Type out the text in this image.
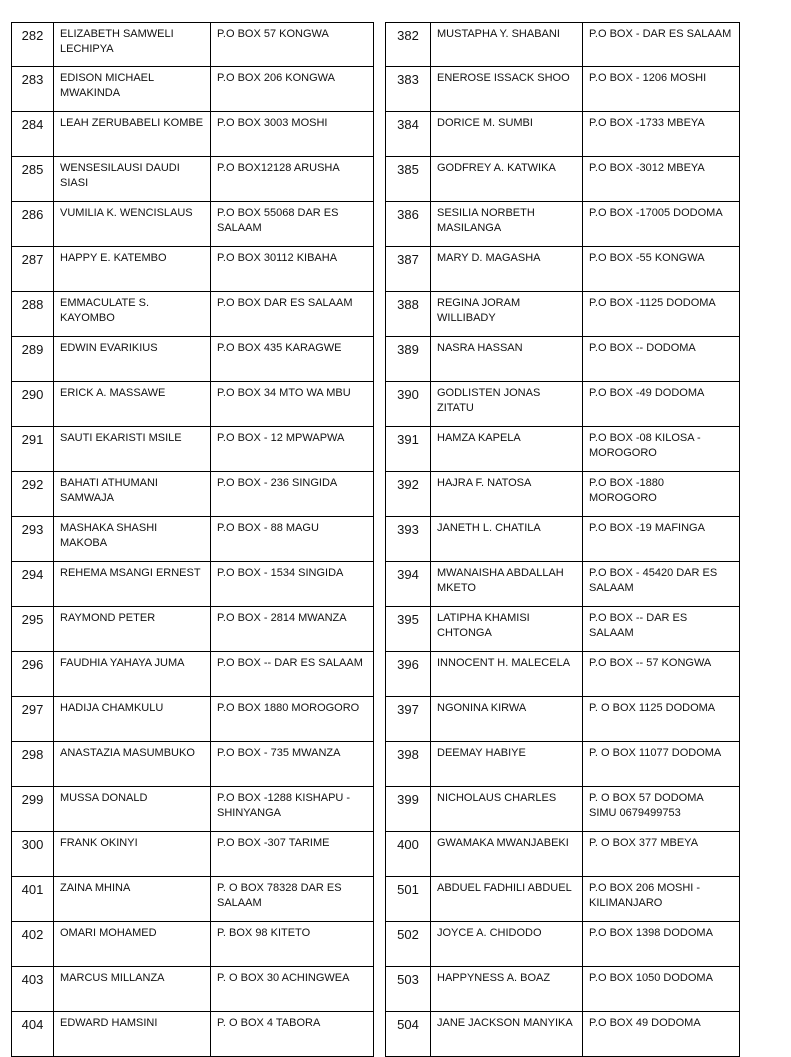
282	ELIZABETH SAMWELI LECHIPYA	P.O BOX 57 KONGWA		382	MUSTAPHA Y. SHABANI	P.O BOX - DAR ES SALAAM
283	EDISON MICHAEL MWAKINDA	P.O BOX 206 KONGWA		383	ENEROSE ISSACK SHOO	P.O BOX - 1206 MOSHI
284	LEAH ZERUBABELI KOMBE	P.O BOX 3003 MOSHI		384	DORICE M. SUMBI	P.O BOX -1733 MBEYA
285	WENSESILAUSI DAUDI SIASI	P.O BOX12128 ARUSHA		385	GODFREY A. KATWIKA	P.O BOX -3012 MBEYA
286	VUMILIA K. WENCISLAUS	P.O BOX 55068 DAR ES SALAAM		386	SESILIA NORBETH MASILANGA	P.O BOX -17005 DODOMA
287	HAPPY E. KATEMBO	P.O BOX 30112 KIBAHA		387	MARY D. MAGASHA	P.O BOX -55 KONGWA
288	EMMACULATE S. KAYOMBO	P.O BOX DAR ES SALAAM		388	REGINA JORAM WILLIBADY	P.O BOX -1125 DODOMA
289	EDWIN EVARIKIUS	P.O BOX 435 KARAGWE		389	NASRA HASSAN	P.O BOX -- DODOMA
290	ERICK A. MASSAWE	P.O BOX 34 MTO WA MBU		390	GODLISTEN JONAS ZITATU	P.O BOX -49 DODOMA
291	SAUTI EKARISTI MSILE	P.O BOX - 12 MPWAPWA		391	HAMZA KAPELA	P.O BOX -08 KILOSA - MOROGORO
292	BAHATI ATHUMANI SAMWAJA	P.O BOX - 236 SINGIDA		392	HAJRA F. NATOSA	P.O BOX -1880 MOROGORO
293	MASHAKA SHASHI MAKOBA	P.O BOX - 88 MAGU		393	JANETH L. CHATILA	P.O BOX -19 MAFINGA
294	REHEMA MSANGI ERNEST	P.O BOX - 1534 SINGIDA		394	MWANAISHA ABDALLAH MKETO	P.O BOX - 45420 DAR ES SALAAM
295	RAYMOND PETER	P.O BOX - 2814 MWANZA		395	LATIPHA KHAMISI CHTONGA	P.O BOX -- DAR ES SALAAM
296	FAUDHIA YAHAYA JUMA	P.O BOX -- DAR ES SALAAM		396	INNOCENT H. MALECELA	P.O BOX -- 57 KONGWA
297	HADIJA CHAMKULU	P.O BOX 1880 MOROGORO		397	NGONINA KIRWA	P. O BOX 1125 DODOMA
298	ANASTAZIA MASUMBUKO	P.O BOX - 735 MWANZA		398	DEEMAY HABIYE	P. O BOX 11077 DODOMA
299	MUSSA DONALD	P.O BOX -1288 KISHAPU - SHINYANGA		399	NICHOLAUS CHARLES	P. O BOX 57 DODOMA SIMU 0679499753
300	FRANK OKINYI	P.O BOX -307 TARIME		400	GWAMAKA MWANJABEKI	P. O BOX 377 MBEYA
401	ZAINA MHINA	P. O BOX 78328 DAR ES SALAAM		501	ABDUEL FADHILI ABDUEL	P.O BOX 206 MOSHI - KILIMANJARO
402	OMARI MOHAMED	P. BOX 98 KITETO		502	JOYCE A. CHIDODO	P.O BOX 1398 DODOMA
403	MARCUS MILLANZA	P. O BOX 30 ACHINGWEA		503	HAPPYNESS A. BOAZ	P.O BOX 1050 DODOMA
404	EDWARD HAMSINI	P. O BOX 4 TABORA		504	JANE JACKSON MANYIKA	P.O BOX 49 DODOMA
